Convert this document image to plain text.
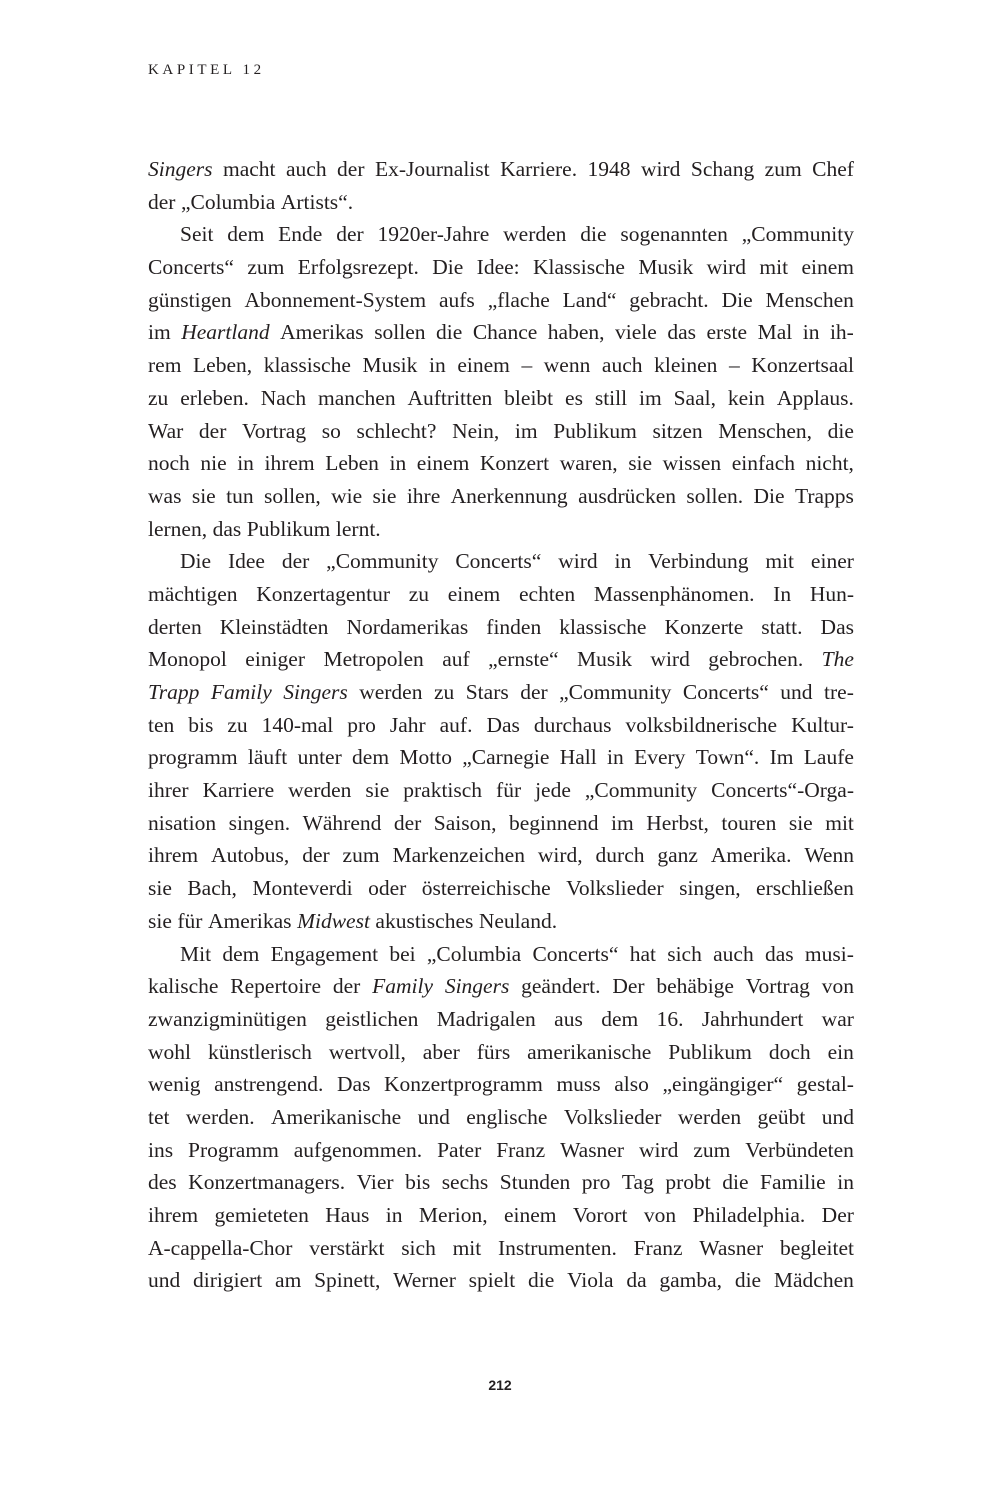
KAPITEL 12
Singers macht auch der Ex-Journalist Karriere. 1948 wird Schang zum Chef
der „Columbia Artists“.
Seit dem Ende der 1920er-Jahre werden die sogenannten „Community
Concerts“ zum Erfolgsrezept. Die Idee: Klassische Musik wird mit einem
günstigen Abonnement-System aufs „flache Land“ gebracht. Die Menschen
im Heartland Amerikas sollen die Chance haben, viele das erste Mal in ih-
rem Leben, klassische Musik in einem – wenn auch kleinen – Konzertsaal
zu erleben. Nach manchen Auftritten bleibt es still im Saal, kein Applaus.
War der Vortrag so schlecht? Nein, im Publikum sitzen Menschen, die
noch nie in ihrem Leben in einem Konzert waren, sie wissen einfach nicht,
was sie tun sollen, wie sie ihre Anerkennung ausdrücken sollen. Die Trapps
lernen, das Publikum lernt.
Die Idee der „Community Concerts“ wird in Verbindung mit einer
mächtigen Konzertagentur zu einem echten Massenphänomen. In Hun-
derten Kleinstädten Nordamerikas finden klassische Konzerte statt. Das
Monopol einiger Metropolen auf „ernste“ Musik wird gebrochen. The
Trapp Family Singers werden zu Stars der „Community Concerts“ und tre-
ten bis zu 140-mal pro Jahr auf. Das durchaus volksbildnerische Kultur-
programm läuft unter dem Motto „Carnegie Hall in Every Town“. Im Laufe
ihrer Karriere werden sie praktisch für jede „Community Concerts“-Orga-
nisation singen. Während der Saison, beginnend im Herbst, touren sie mit
ihrem Autobus, der zum Markenzeichen wird, durch ganz Amerika. Wenn
sie Bach, Monteverdi oder österreichische Volkslieder singen, erschließen
sie für Amerikas Midwest akustisches Neuland.
Mit dem Engagement bei „Columbia Concerts“ hat sich auch das musi-
kalische Repertoire der Family Singers geändert. Der behäbige Vortrag von
zwanzigminütigen geistlichen Madrigalen aus dem 16. Jahrhundert war
wohl künstlerisch wertvoll, aber fürs amerikanische Publikum doch ein
wenig anstrengend. Das Konzertprogramm muss also „eingängiger“ gestal-
tet werden. Amerikanische und englische Volkslieder werden geübt und
ins Programm aufgenommen. Pater Franz Wasner wird zum Verbündeten
des Konzertmanagers. Vier bis sechs Stunden pro Tag probt die Familie in
ihrem gemieteten Haus in Merion, einem Vorort von Philadelphia. Der
A-cappella-Chor verstärkt sich mit Instrumenten. Franz Wasner begleitet
und dirigiert am Spinett, Werner spielt die Viola da gamba, die Mädchen
212
